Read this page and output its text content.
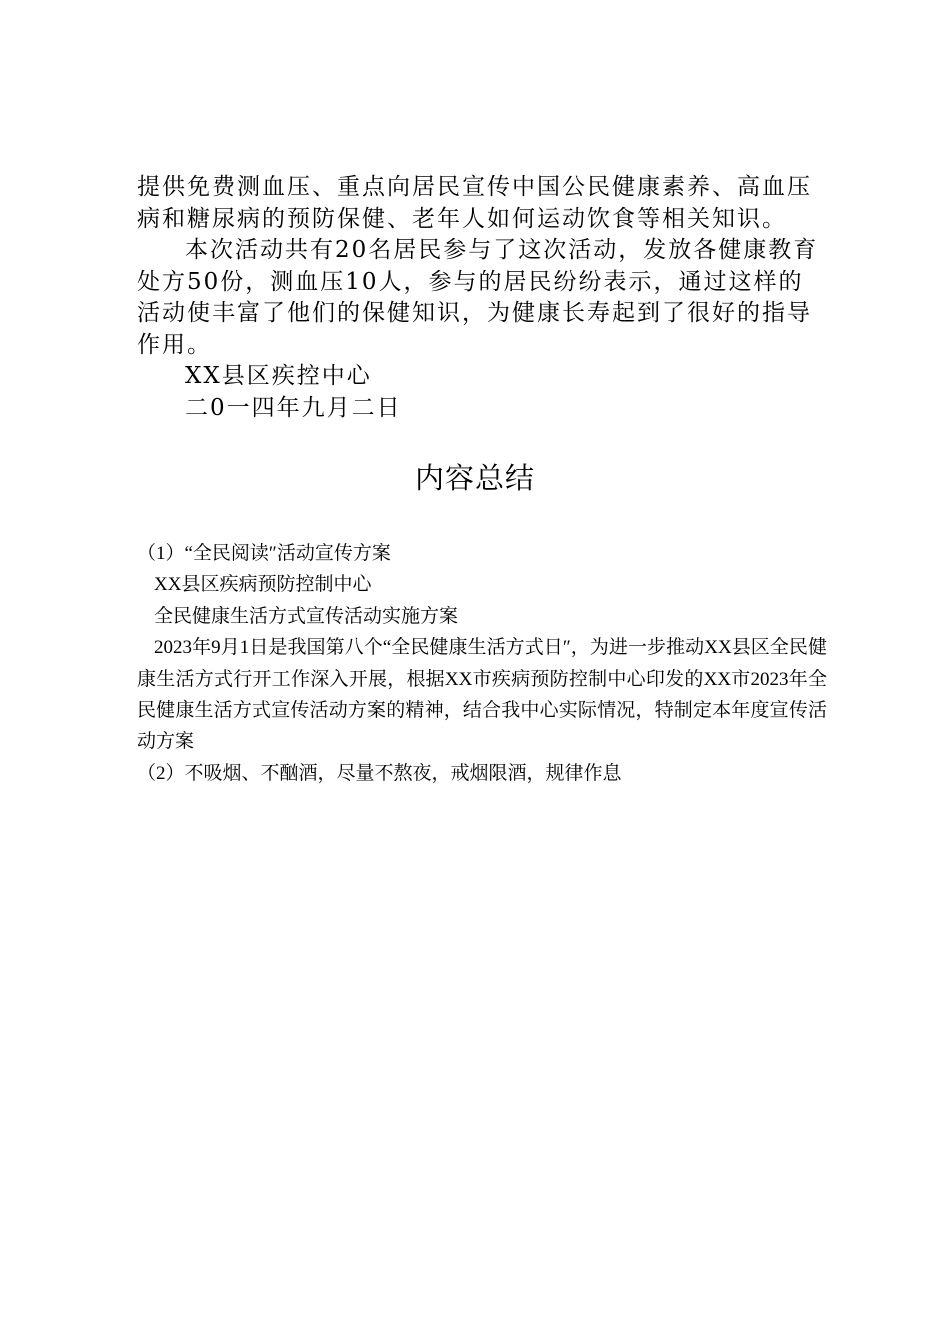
提供免费测血压、重点向居民宣传中国公民健康素养、高血压病和糖尿病的预防保健、老年人如何运动饮食等相关知识。

本次活动共有20名居民参与了这次活动，发放各健康教育处方50份，测血压10人，参与的居民纷纷表示，通过这样的活动使丰富了他们的保健知识，为健康长寿起到了很好的指导作用。

XX县区疾控中心

二0一四年九月二日

内容总结

（1）“全民阅读″活动宣传方案

XX县区疾病预防控制中心

全民健康生活方式宣传活动实施方案

2023年9月1日是我国第八个“全民健康生活方式日″，为进一步推动XX县区全民健康生活方式行开工作深入开展，根据XX市疾病预防控制中心印发的XX市2023年全民健康生活方式宣传活动方案的精神，结合我中心实际情况，特制定本年度宣传活动方案

（2）不吸烟、不酗酒，尽量不熬夜，戒烟限酒，规律作息
